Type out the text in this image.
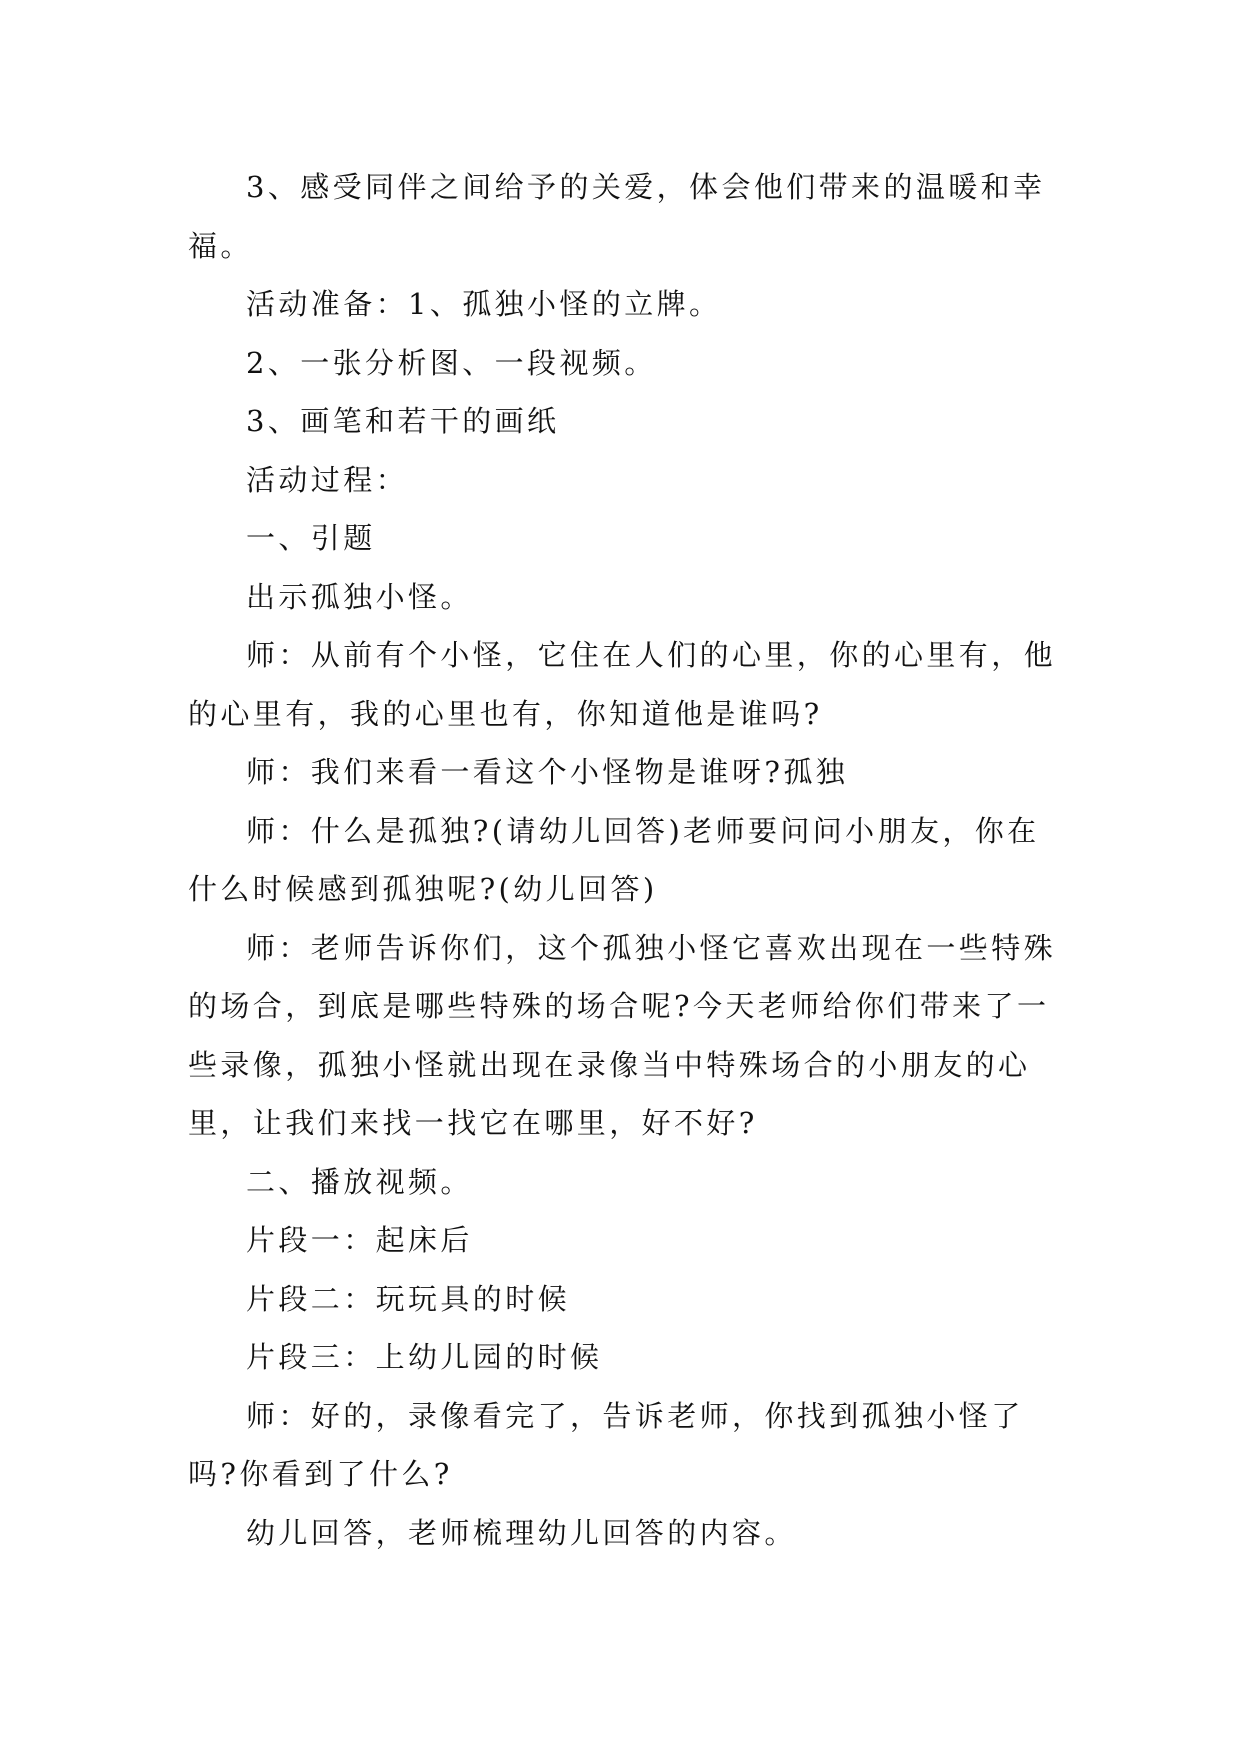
3、感受同伴之间给予的关爱，体会他们带来的温暖和幸福。

活动准备：1、孤独小怪的立牌。

2、一张分析图、一段视频。

3、画笔和若干的画纸

活动过程：

一、引题

出示孤独小怪。

师：从前有个小怪，它住在人们的心里，你的心里有，他的心里有，我的心里也有，你知道他是谁吗?

师：我们来看一看这个小怪物是谁呀?孤独

师：什么是孤独?(请幼儿回答)老师要问问小朋友，你在什么时候感到孤独呢?(幼儿回答)

师：老师告诉你们，这个孤独小怪它喜欢出现在一些特殊的场合，到底是哪些特殊的场合呢?今天老师给你们带来了一些录像，孤独小怪就出现在录像当中特殊场合的小朋友的心里，让我们来找一找它在哪里，好不好?

二、播放视频。

片段一：起床后

片段二：玩玩具的时候

片段三：上幼儿园的时候

师：好的，录像看完了，告诉老师，你找到孤独小怪了吗?你看到了什么?

幼儿回答，老师梳理幼儿回答的内容。
